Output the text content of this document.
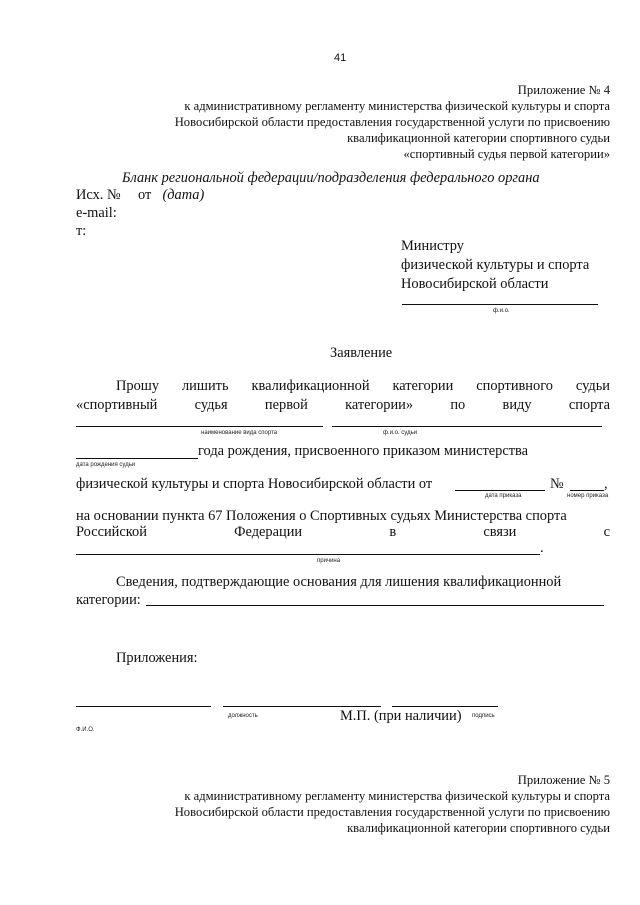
41
Приложение № 4
к административному регламенту министерства физической культуры и спорта
Новосибирской области предоставления государственной услуги по присвоению
квалификационной категории спортивного судьи
«спортивный судья первой категории»
Бланк региональной федерации/подразделения федерального органа
Исх. № от (дата)
e-mail:
т:
Министру
физической культуры и спорта
Новосибирской области
ф.и.о.
Заявление
Прошу лишить квалификационной категории спортивного судьи
«спортивный	судья	первой	категории»	по	виду	спорта
наименование вида спорта	ф.и.о. судьи
года рождения, присвоенного приказом министерства
дата рождения судьи
физической культуры и спорта Новосибирской области от	№	,
дата приказа	номер приказа
на основании пункта 67 Положения о Спортивных судьях Министерства спорта
Российской	Федерации	в	связи	с
.
причина
Сведения, подтверждающие основания для лишения квалификационной
категории:
Приложения:
должность	М.П. (при наличии) подпись
Ф.И.О.
Приложение № 5
к административному регламенту министерства физической культуры и спорта
Новосибирской области предоставления государственной услуги по присвоению
квалификационной категории спортивного судьи
